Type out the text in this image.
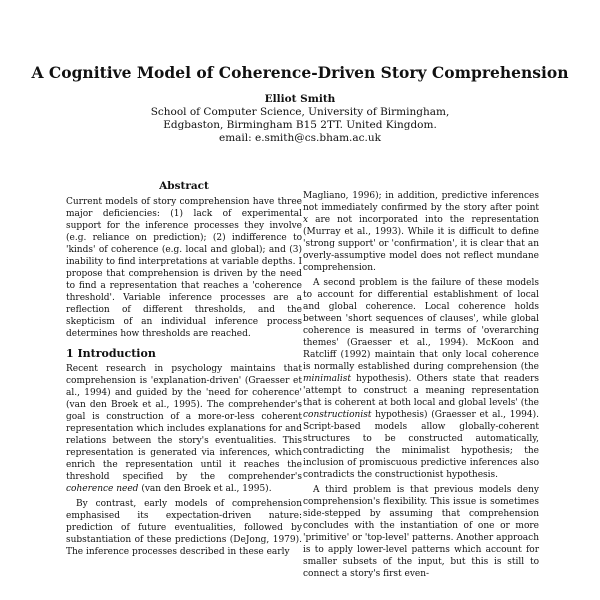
A Cognitive Model of Coherence-Driven Story Comprehension
Elliot Smith
School of Computer Science, University of Birmingham,
Edgbaston, Birmingham B15 2TT. United Kingdom.
email: e.smith@cs.bham.ac.uk
Abstract

Current models of story comprehension have three major deficiencies: (1) lack of experimental support for the inference processes they involve (e.g. reliance on prediction); (2) indifference to 'kinds' of coherence (e.g. local and global); and (3) inability to find interpretations at variable depths. I propose that comprehension is driven by the need to find a representation that reaches a 'coherence threshold'. Variable inference processes are a reflection of different thresholds, and the skepticism of an individual inference process determines how thresholds are reached.

1 Introduction

Recent research in psychology maintains that comprehension is 'explanation-driven' (Graesser et al., 1994) and guided by the 'need for coherence' (van den Broek et al., 1995). The comprehender's goal is construction of a more-or-less coherent representation which includes explanations for and relations between the story's eventualities. This representation is generated via inferences, which enrich the representation until it reaches the threshold specified by the comprehender's coherence need (van den Broek et al., 1995).

By contrast, early models of comprehension emphasised its expectation-driven nature: prediction of future eventualities, followed by substantiation of these predictions (DeJong, 1979). The inference processes described in these early

Magliano, 1996); in addition, predictive inferences not immediately confirmed by the story after point x are not incorporated into the representation (Murray et al., 1993). While it is difficult to define 'strong support' or 'confirmation', it is clear that an overly-assumptive model does not reflect mundane comprehension.

A second problem is the failure of these models to account for differential establishment of local and global coherence. Local coherence holds between 'short sequences of clauses', while global coherence is measured in terms of 'overarching themes' (Graesser et al., 1994). McKoon and Ratcliff (1992) maintain that only local coherence is normally established during comprehension (the minimalist hypothesis). Others state that readers 'attempt to construct a meaning representation that is coherent at both local and global levels' (the constructionist hypothesis) (Graesser et al., 1994). Script-based models allow globally-coherent structures to be constructed automatically, contradicting the minimalist hypothesis; the inclusion of promiscuous predictive inferences also contradicts the constructionist hypothesis.

A third problem is that previous models deny comprehension's flexibility. This issue is sometimes side-stepped by assuming that comprehension concludes with the instantiation of one or more 'primitive' or 'top-level' patterns. Another approach is to apply lower-level patterns which account for smaller subsets of the input, but this is still to connect a story's first even-
